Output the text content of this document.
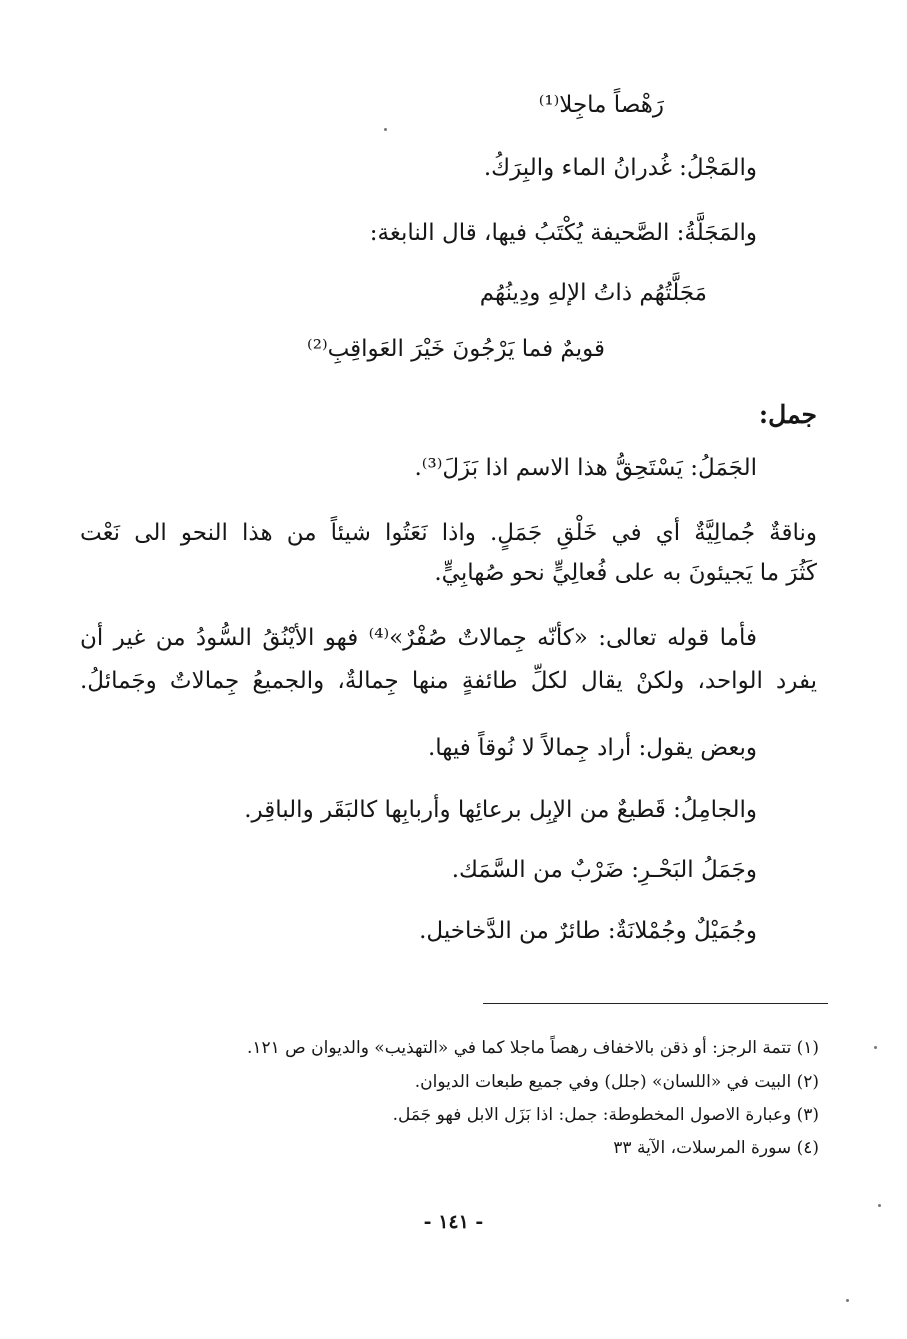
رَهْصاً ماجِلا⁽¹⁾
والمَجْلُ: غُدرانُ الماء والبِرَكُ.
والمَجَلَّةُ: الصَّحيفة يُكْتَبُ فيها، قال النابغة:
مَجَلَّتُهُم ذاتُ الإلهِ ودِينُهُم
قويمٌ فما يَرْجُونَ خَيْرَ العَواقِبِ⁽²⁾
جمل:
الجَمَلُ: يَسْتَحِقُّ هذا الاسم اذا بَزَلَ⁽³⁾.
وناقةٌ جُمالِيَّةٌ أي في خَلْقِ جَمَلٍ. واذا نَعَتُوا شيئاً من هذا النحو الى نَعْت
كَثُرَ ما يَجيئونَ به على فُعالِيٍّ نحو صُهابِيٍّ.
فأما قوله تعالى: «كأنّه جِمالاتٌ صُفْرٌ»⁽⁴⁾ فهو الأيْنُقُ السُّودُ من غير أن
يفرد الواحد، ولكنْ يقال لكلِّ طائفةٍ منها جِمالةٌ، والجميعُ جِمالاتٌ وجَمائلُ.
وبعض يقول: أراد جِمالاً لا نُوقاً فيها.
والجامِلُ: قَطيعٌ من الإبِل برعائِها وأربابِها كالبَقَر والباقِر.
وجَمَلُ البَحْـرِ: ضَرْبٌ من السَّمَك.
وجُمَيْلٌ وجُمْلانَةٌ: طائرٌ من الدَّخاخيل.
(١) تتمة الرجز: أو ذقن بالاخفاف رهصاً ماجلا كما في «التهذيب» والديوان ص ١٢١.
(٢) البيت في «اللسان» (جلل) وفي جميع طبعات الديوان.
(٣) وعبارة الاصول المخطوطة: جمل: اذا بَزَل الابل فهو جَمَل.
(٤) سورة المرسلات، الآية ٣٣
- ١٤١ -
